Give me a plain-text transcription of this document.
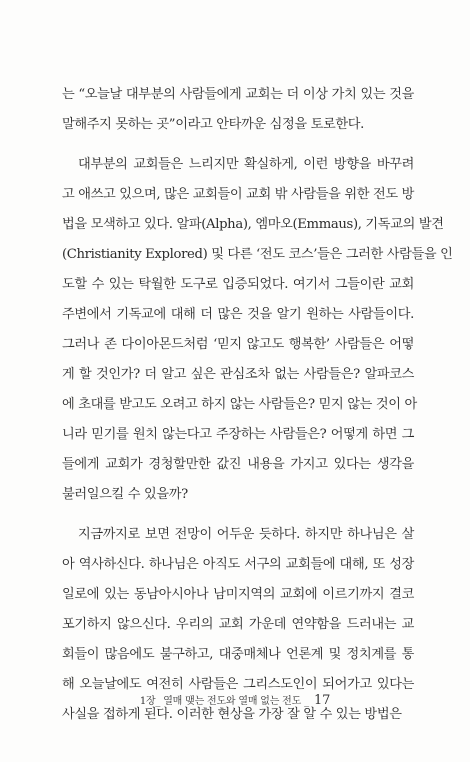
는 “오늘날 대부분의 사람들에게 교회는 더 이상 가치 있는 것을
말해주지 못하는 곳”이라고 안타까운 심정을 토로한다.
대부분의 교회들은 느리지만 확실하게, 이런 방향을 바꾸려
고 애쓰고 있으며, 많은 교회들이 교회 밖 사람들을 위한 전도 방
법을 모색하고 있다. 알파(Alpha), 엠마오(Emmaus), 기독교의 발견
(Christianity Explored) 및 다른 ‘전도 코스’들은 그러한 사람들을 인
도할 수 있는 탁월한 도구로 입증되었다. 여기서 그들이란 교회
주변에서 기독교에 대해 더 많은 것을 알기 원하는 사람들이다.
그러나 존 다이아몬드처럼 ‘믿지 않고도 행복한’ 사람들은 어떻
게 할 것인가? 더 알고 싶은 관심조차 없는 사람들은? 알파코스
에 초대를 받고도 오려고 하지 않는 사람들은? 믿지 않는 것이 아
니라 믿기를 원치 않는다고 주장하는 사람들은? 어떻게 하면 그
들에게 교회가 경청할만한 값진 내용을 가지고 있다는 생각을
불러일으킬 수 있을까?
지금까지로 보면 전망이 어두운 듯하다. 하지만 하나님은 살
아 역사하신다. 하나님은 아직도 서구의 교회들에 대해, 또 성장
일로에 있는 동남아시아나 남미지역의 교회에 이르기까지 결코
포기하지 않으신다. 우리의 교회 가운데 연약함을 드러내는 교
회들이 많음에도 불구하고, 대중매체나 언론계 및 정치계를 통
해 오늘날에도 여전히 사람들은 그리스도인이 되어가고 있다는
사실을 접하게 된다. 이러한 현상을 가장 잘 알 수 있는 방법은
1장_ 열매 맺는 전도와 열매 없는 전도 _ 17
